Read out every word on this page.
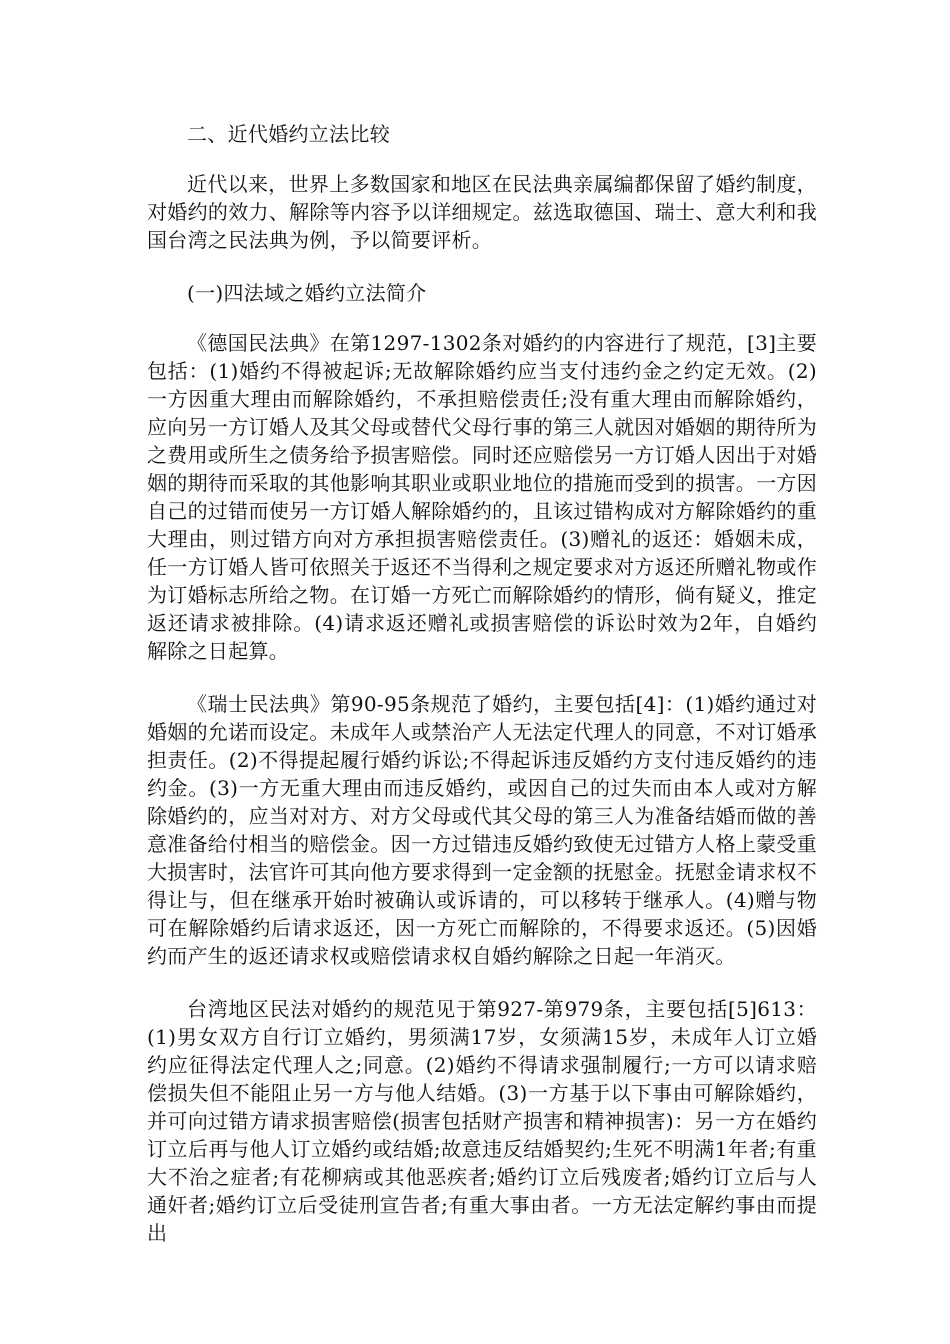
二、近代婚约立法比较

近代以来，世界上多数国家和地区在民法典亲属编都保留了婚约制度，对婚约的效力、解除等内容予以详细规定。兹选取德国、瑞士、意大利和我国台湾之民法典为例，予以简要评析。

(一)四法域之婚约立法简介

《德国民法典》在第1297-1302条对婚约的内容进行了规范，[3]主要包括：(1)婚约不得被起诉;无故解除婚约应当支付违约金之约定无效。(2)一方因重大理由而解除婚约，不承担赔偿责任;没有重大理由而解除婚约，应向另一方订婚人及其父母或替代父母行事的第三人就因对婚姻的期待所为之费用或所生之债务给予损害赔偿。同时还应赔偿另一方订婚人因出于对婚姻的期待而采取的其他影响其职业或职业地位的措施而受到的损害。一方因自己的过错而使另一方订婚人解除婚约的，且该过错构成对方解除婚约的重大理由，则过错方向对方承担损害赔偿责任。(3)赠礼的返还：婚姻未成，任一方订婚人皆可依照关于返还不当得利之规定要求对方返还所赠礼物或作为订婚标志所给之物。在订婚一方死亡而解除婚约的情形，倘有疑义，推定返还请求被排除。(4)请求返还赠礼或损害赔偿的诉讼时效为2年，自婚约解除之日起算。

《瑞士民法典》第90-95条规范了婚约，主要包括[4]：(1)婚约通过对婚姻的允诺而设定。未成年人或禁治产人无法定代理人的同意，不对订婚承担责任。(2)不得提起履行婚约诉讼;不得起诉违反婚约方支付违反婚约的违约金。(3)一方无重大理由而违反婚约，或因自己的过失而由本人或对方解除婚约的，应当对对方、对方父母或代其父母的第三人为准备结婚而做的善意准备给付相当的赔偿金。因一方过错违反婚约致使无过错方人格上蒙受重大损害时，法官许可其向他方要求得到一定金额的抚慰金。抚慰金请求权不得让与，但在继承开始时被确认或诉请的，可以移转于继承人。(4)赠与物可在解除婚约后请求返还，因一方死亡而解除的，不得要求返还。(5)因婚约而产生的返还请求权或赔偿请求权自婚约解除之日起一年消灭。

台湾地区民法对婚约的规范见于第927-第979条，主要包括[5]613：(1)男女双方自行订立婚约，男须满17岁，女须满15岁，未成年人订立婚约应征得法定代理人之;同意。(2)婚约不得请求强制履行;一方可以请求赔偿损失但不能阻止另一方与他人结婚。(3)一方基于以下事由可解除婚约，并可向过错方请求损害赔偿(损害包括财产损害和精神损害)：另一方在婚约订立后再与他人订立婚约或结婚;故意违反结婚契约;生死不明满1年者;有重大不治之症者;有花柳病或其他恶疾者;婚约订立后残废者;婚约订立后与人通奸者;婚约订立后受徒刑宣告者;有重大事由者。一方无法定解约事由而提出
